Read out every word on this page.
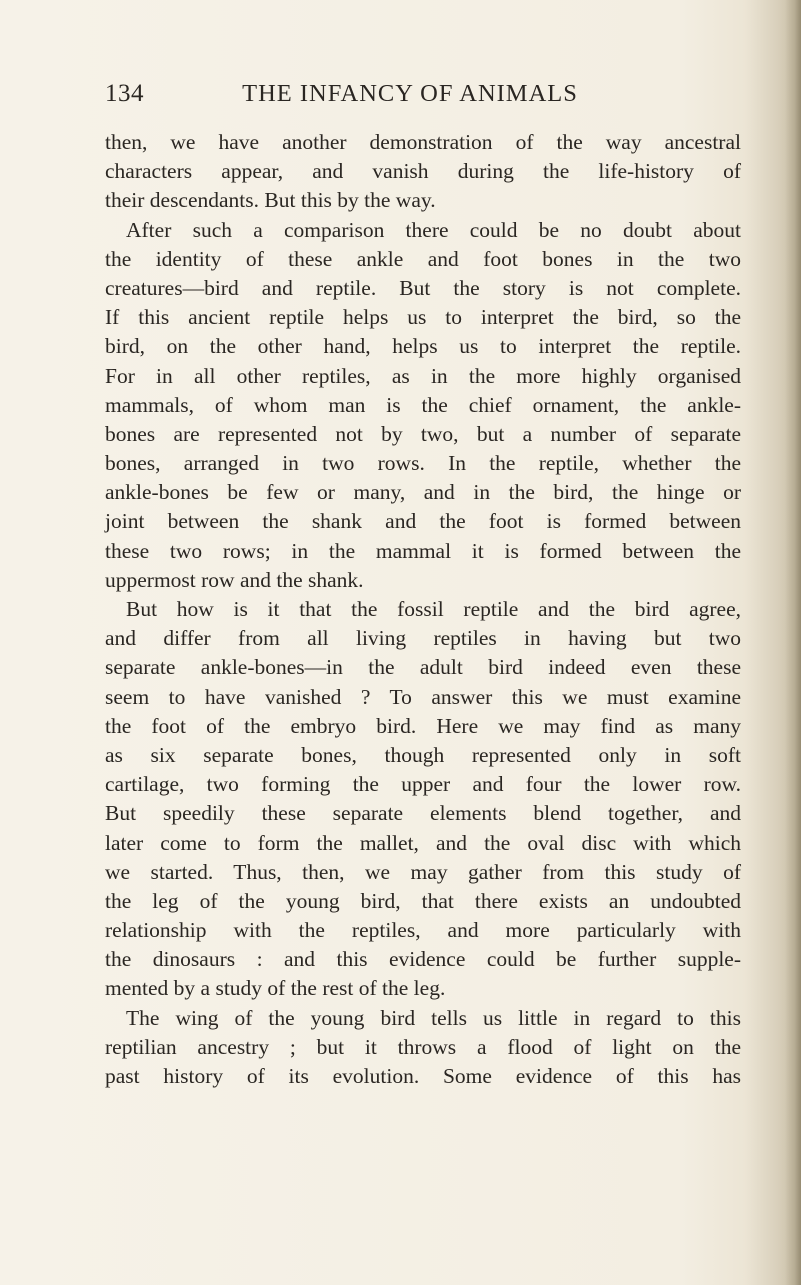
134	THE INFANCY OF ANIMALS
then, we have another demonstration of the way ancestral
characters appear, and vanish during the life-history of
their descendants. But this by the way.
After such a comparison there could be no doubt about
the identity of these ankle and foot bones in the two
creatures—bird and reptile. But the story is not complete.
If this ancient reptile helps us to interpret the bird, so the
bird, on the other hand, helps us to interpret the reptile.
For in all other reptiles, as in the more highly organised
mammals, of whom man is the chief ornament, the ankle-
bones are represented not by two, but a number of separate
bones, arranged in two rows. In the reptile, whether the
ankle-bones be few or many, and in the bird, the hinge or
joint between the shank and the foot is formed between
these two rows; in the mammal it is formed between the
uppermost row and the shank.
But how is it that the fossil reptile and the bird agree,
and differ from all living reptiles in having but two
separate ankle-bones—in the adult bird indeed even these
seem to have vanished ? To answer this we must examine
the foot of the embryo bird. Here we may find as many
as six separate bones, though represented only in soft
cartilage, two forming the upper and four the lower row.
But speedily these separate elements blend together, and
later come to form the mallet, and the oval disc with which
we started. Thus, then, we may gather from this study of
the leg of the young bird, that there exists an undoubted
relationship with the reptiles, and more particularly with
the dinosaurs : and this evidence could be further supple-
mented by a study of the rest of the leg.
The wing of the young bird tells us little in regard to this
reptilian ancestry ; but it throws a flood of light on the
past history of its evolution. Some evidence of this has
